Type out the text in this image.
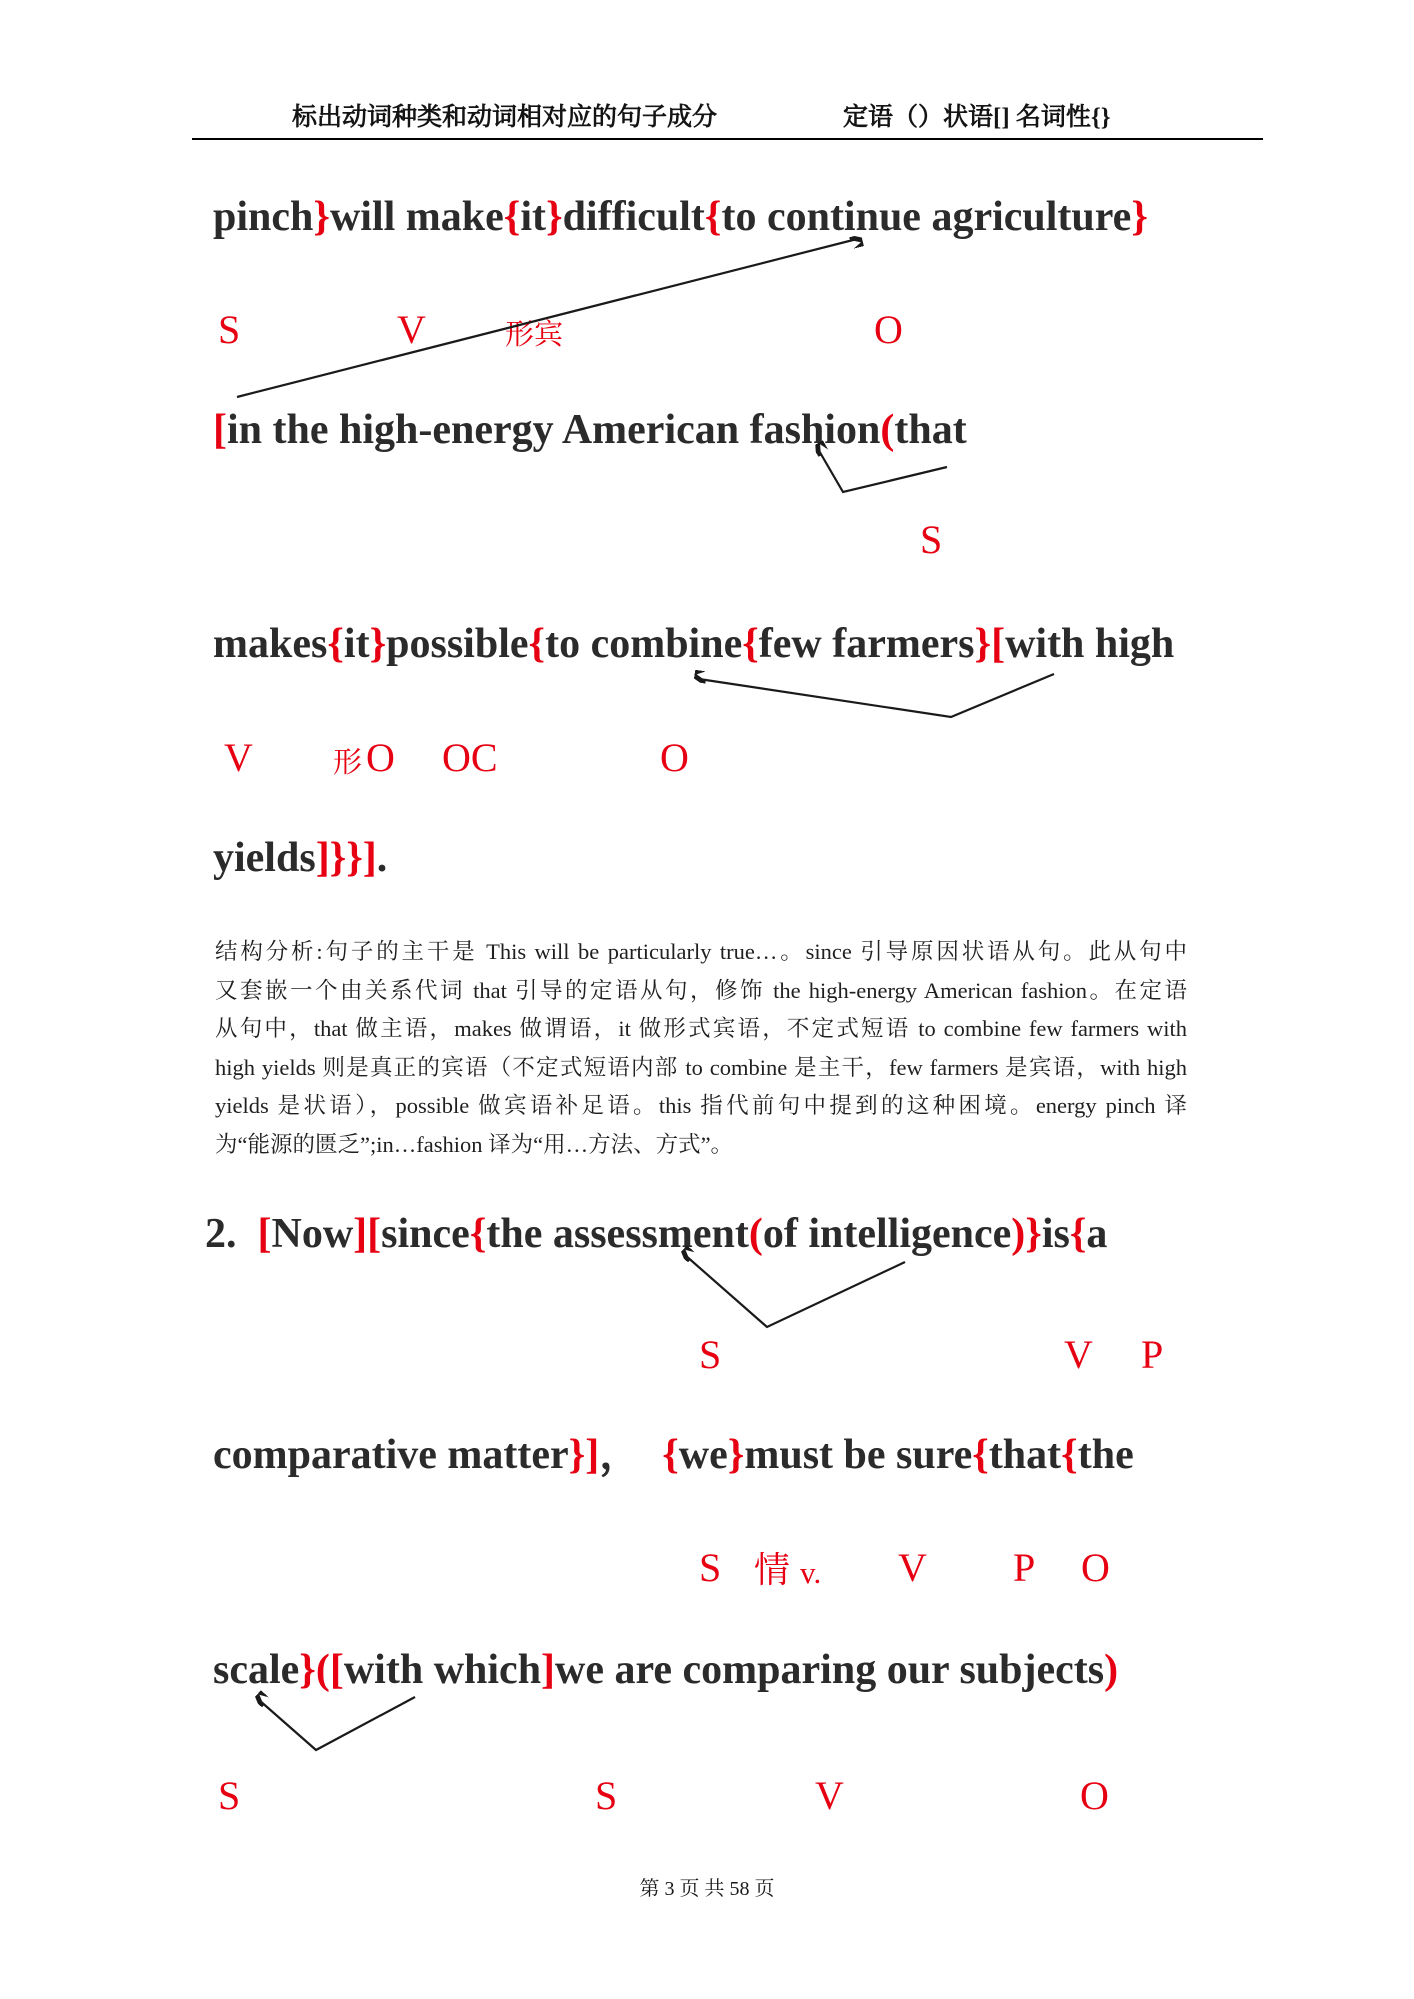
标出动词种类和动词相对应的句子成分	定语（）状语[] 名词性{}
pinch}will make{it}difficult{to continue agriculture}
S	V	形宾	O
[in the high-energy American fashion(that
S
makes{it}possible{to combine{few farmers}[with high
V	形 O OC	O
yields]}}].
结构分析:句子的主干是 This will be particularly true…。since 引导原因状语从句。此从句中
又套嵌一个由关系代词 that 引导的定语从句，修饰 the high-energy American fashion。在定语
从句中，that 做主语，makes 做谓语，it 做形式宾语，不定式短语 to combine few farmers with
high yields 则是真正的宾语（不定式短语内部 to combine 是主干，few farmers 是宾语，with high
yields 是状语），possible 做宾语补足语。this 指代前句中提到的这种困境。energy pinch 译
为“能源的匮乏”;in…fashion 译为“用…方法、方式”。
2.  [Now][since{the assessment(of intelligence)}is{a
S	V P
comparative matter}]，  {we}must be sure{that{the
S 情 v. V P O
scale}([with which]we are comparing our subjects)
S	S	V	O
第 3 页 共 58 页
